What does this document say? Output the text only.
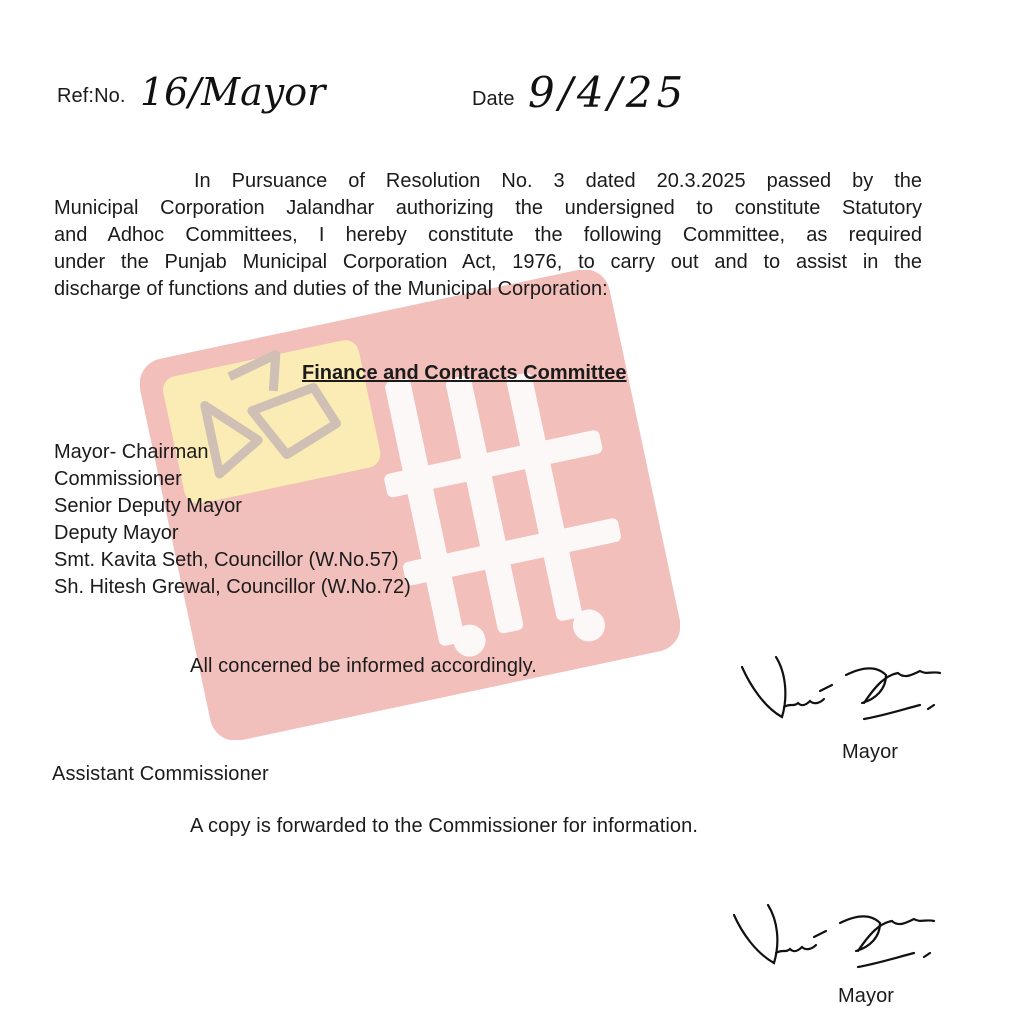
Ref:No. 16/Mayor	Date 9/4/25
In Pursuance of Resolution No. 3 dated 20.3.2025 passed by the
Municipal Corporation Jalandhar authorizing the undersigned to constitute Statutory
and Adhoc Committees, I hereby constitute the following Committee, as required
under the Punjab Municipal Corporation Act, 1976, to carry out and to assist in the
discharge of functions and duties of the Municipal Corporation:
Finance and Contracts Committee
Mayor- Chairman
Commissioner
Senior Deputy Mayor
Deputy Mayor
Smt. Kavita Seth, Councillor (W.No.57)
Sh. Hitesh Grewal, Councillor (W.No.72)
All concerned be informed accordingly.
Mayor
Assistant Commissioner
A copy is forwarded to the Commissioner for information.
Mayor
